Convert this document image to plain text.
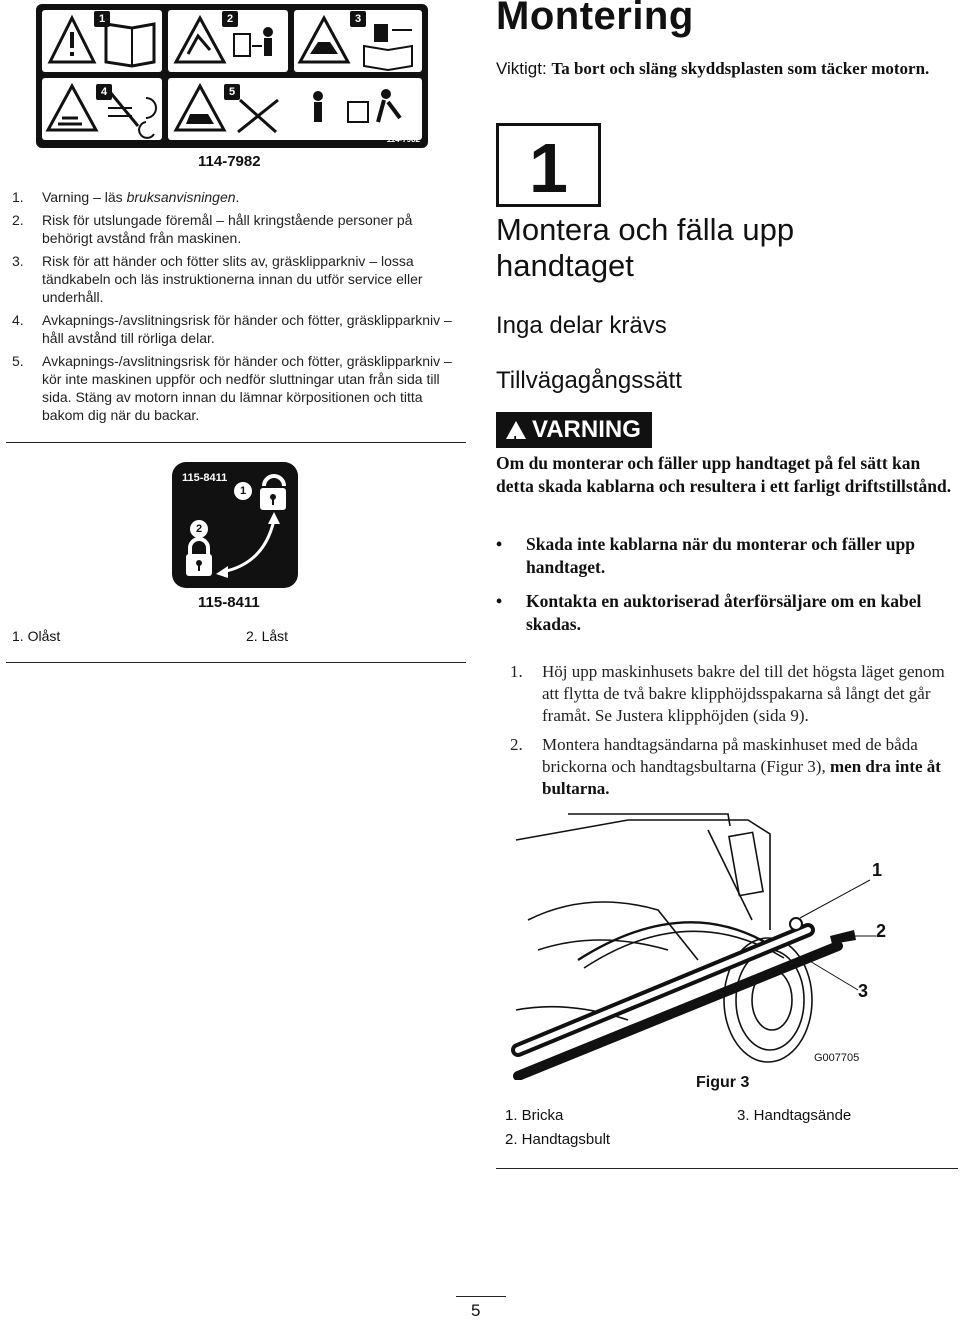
1	2	3
4	5
114-7982
114-7982
1. Varning – läs bruksanvisningen.
2. Risk för utslungade föremål – håll kringstående personer på behörigt avstånd från maskinen.
3. Risk för att händer och fötter slits av, gräsklipparkniv – lossa tändkabeln och läs instruktionerna innan du utför service eller underhåll.
4. Avkapnings-/avslitningsrisk för händer och fötter, gräsklipparkniv – håll avstånd till rörliga delar.
5. Avkapnings-/avslitningsrisk för händer och fötter, gräsklipparkniv – kör inte maskinen uppför och nedför sluttningar utan från sida till sida. Stäng av motorn innan du lämnar körpositionen och titta bakom dig när du backar.
115-8411
1
2
115-8411
1. Olåst	2. Låst
Montering
Viktigt: Ta bort och släng skyddsplasten som täcker motorn.
1
Montera och fälla upp handtaget
Inga delar krävs
Tillvägagångssätt
!VARNING
Om du monterar och fäller upp handtaget på fel sätt kan detta skada kablarna och resultera i ett farligt driftstillstånd.
•	Skada inte kablarna när du monterar och fäller upp handtaget.
•	Kontakta en auktoriserad återförsäljare om en kabel skadas.
1.	Höj upp maskinhusets bakre del till det högsta läget genom att flytta de två bakre klipphöjdsspakarna så långt det går framåt. Se Justera klipphöjden (sida 9).
2.	Montera handtagsändarna på maskinhuset med de båda brickorna och handtagsbultarna (Figur 3), men dra inte åt bultarna.
1
2
3
G007705
Figur 3
1. Bricka	3. Handtagsände
2. Handtagsbult
5
